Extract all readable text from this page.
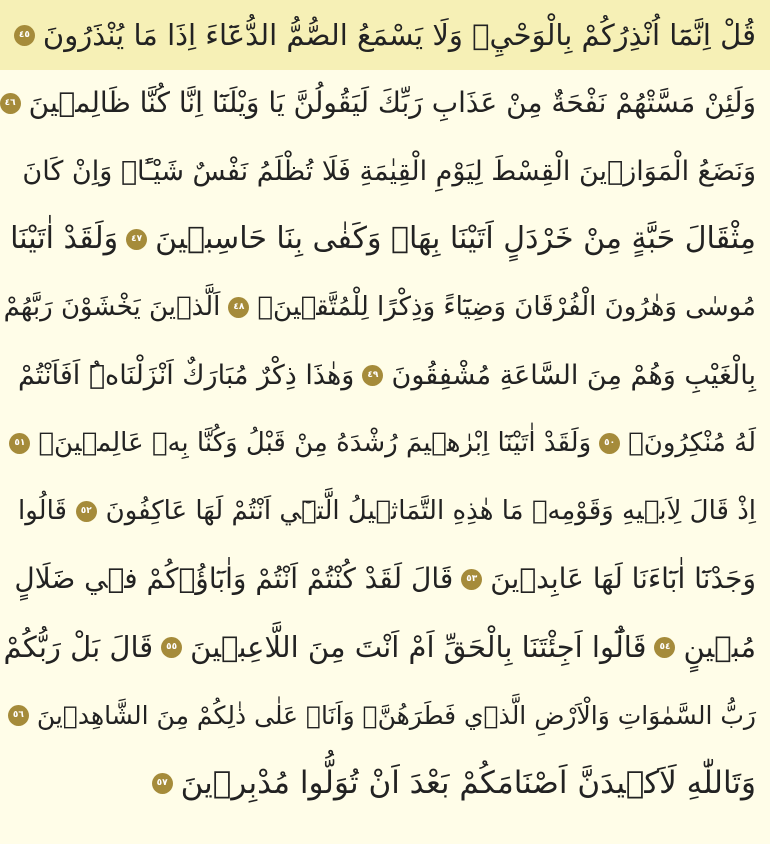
قُلْ اِنَّمَٓا اُنْذِرُكُمْ بِالْوَحْيِۘ وَلَا يَسْمَعُ الصُّمُّ الدُّعَٓاءَ اِذَا مَا يُنْذَرُونَ
٤٥
وَلَئِنْ مَسَّتْهُمْ نَفْحَةٌ مِنْ عَذَابِ رَبِّكَ لَيَقُولُنَّ يَا وَيْلَنَٓا اِنَّا كُنَّا ظَالِم۪ينَ
٤٦
وَنَضَعُ الْمَوَاز۪ينَ الْقِسْطَ لِيَوْمِ الْقِيٰمَةِ فَلَا تُظْلَمُ نَفْسٌ شَيْـًٔاۜ وَاِنْ كَانَ
مِثْقَالَ حَبَّةٍ مِنْ خَرْدَلٍ اَتَيْنَا بِهَاۜ وَكَفٰى بِنَا حَاسِب۪ينَ
٤٧
وَلَقَدْ اٰتَيْنَا
مُوسٰى وَهٰرُونَ الْفُرْقَانَ وَضِيَٓاءً وَذِكْرًا لِلْمُتَّق۪ينَۙ
٤٨
اَلَّذ۪ينَ يَخْشَوْنَ رَبَّهُمْ
بِالْغَيْبِ وَهُمْ مِنَ السَّاعَةِ مُشْفِقُونَ
٤٩
وَهٰذَا ذِكْرٌ مُبَارَكٌ اَنْزَلْنَاهُۜ اَفَاَنْتُمْ
لَهُ مُنْكِرُونَ۟
٥٠
وَلَقَدْ اٰتَيْنَٓا اِبْرٰه۪يمَ رُشْدَهُ مِنْ قَبْلُ وَكُنَّا بِه۪ عَالِم۪ينَۚ
٥١
اِذْ قَالَ لِاَب۪يهِ وَقَوْمِه۪ مَا هٰذِهِ التَّمَاث۪يلُ الَّت۪ٓي اَنْتُمْ لَهَا عَاكِفُونَ
٥٢
قَالُوا
وَجَدْنَٓا اٰبَٓاءَنَا لَهَا عَابِد۪ينَ
٥٣
قَالَ لَقَدْ كُنْتُمْ اَنْتُمْ وَاٰبَٓاؤُ۬كُمْ ف۪ي ضَلَالٍ
مُب۪ينٍ
٥٤
قَالُٓوا اَجِئْتَنَا بِالْحَقِّ اَمْ اَنْتَ مِنَ اللَّاعِب۪ينَ
٥٥
قَالَ بَلْ رَبُّكُمْ
رَبُّ السَّمٰوَاتِ وَالْاَرْضِ الَّذ۪ي فَطَرَهُنَّۘ وَاَنَا۬ عَلٰى ذٰلِكُمْ مِنَ الشَّاهِد۪ينَ
٥٦
وَتَاللّٰهِ لَاَك۪يدَنَّ اَصْنَامَكُمْ بَعْدَ اَنْ تُوَلُّوا مُدْبِر۪ينَ
٥٧
